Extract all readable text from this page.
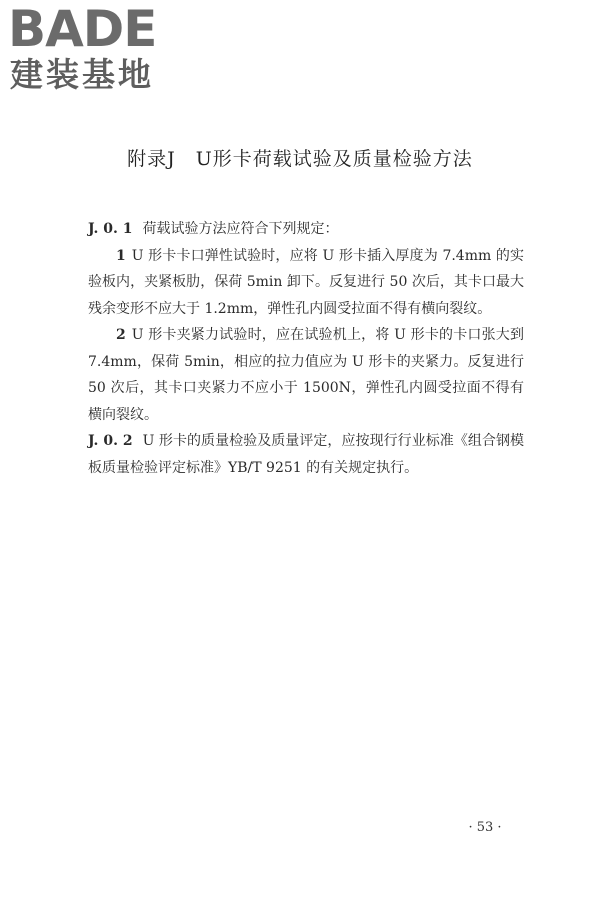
BADE
建装基地
附录J　U形卡荷载试验及质量检验方法

J. 0. 1 荷载试验方法应符合下列规定：

1 U 形卡卡口弹性试验时，应将 U 形卡插入厚度为 7.4mm 的实验板内，夹紧板肋，保荷 5min 卸下。反复进行 50 次后，其卡口最大残余变形不应大于 1.2mm，弹性孔内圆受拉面不得有横向裂纹。

2 U 形卡夹紧力试验时，应在试验机上，将 U 形卡的卡口张大到 7.4mm，保荷 5min，相应的拉力值应为 U 形卡的夹紧力。反复进行 50 次后，其卡口夹紧力不应小于 1500N，弹性孔内圆受拉面不得有横向裂纹。

J. 0. 2 U 形卡的质量检验及质量评定，应按现行行业标准《组合钢模板质量检验评定标准》YB/T 9251 的有关规定执行。

· 53 ·
